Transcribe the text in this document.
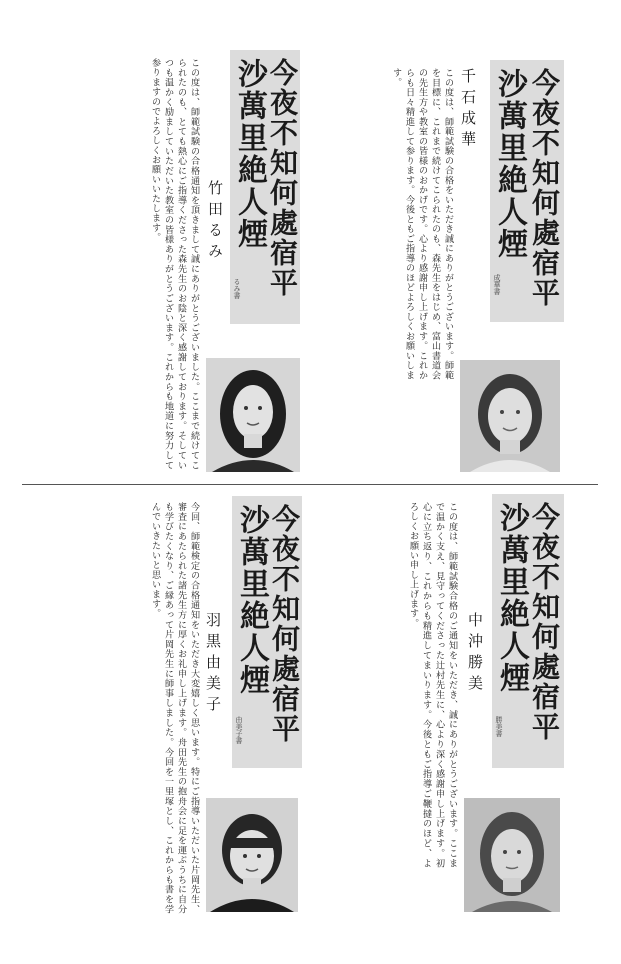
今夜不知何處宿平
沙萬里絶人煙
成華書
千石成華
この度は、師範試験の合格をいただき誠にありがとうございます。師範を目標に、これまで続けてこられたのも、森先生をはじめ、富山書道会の先生方や教室の皆様のおかげです。心より感謝申し上げます。これからも日々精進して参ります。今後ともご指導のほどよろしくお願いします。
今夜不知何處宿平
沙萬里絶人煙
るみ書
竹田るみ
この度は、師範試験の合格通知を頂きまして誠にありがとうございました。ここまで続けてこられたのも、とても熱心にご指導くださった森先生のお陰と深く感謝しております。そしていつも温かく励ましていただいた教室の皆様ありがとうございます。これからも地道に努力して参りますのでよろしくお願いいたします。
今夜不知何處宿平
沙萬里絶人煙
勝美書
中沖勝美
この度は、師範試験合格のご通知をいただき、誠にありがとうございます。ここまで温かく支え、見守ってくださった辻村先生に、心より深く感謝申し上げます。初心に立ち返り、これからも精進してまいります。今後ともご指導ご鞭撻のほど、よろしくお願い申し上げます。
今夜不知何處宿平
沙萬里絶人煙
由美子書
羽黒由美子
今回、師範検定の合格通知をいただき大変嬉しく思います。特にご指導いただいた片岡先生、審査にあたられた諸先生方に厚くお礼申し上げます。舟田先生の抱舟会に足を運ぶうちに自分も学びたくなり、ご縁あって片岡先生に師事しました。今回を一里塚とし、これからも書を学んでいきたいと思います。
